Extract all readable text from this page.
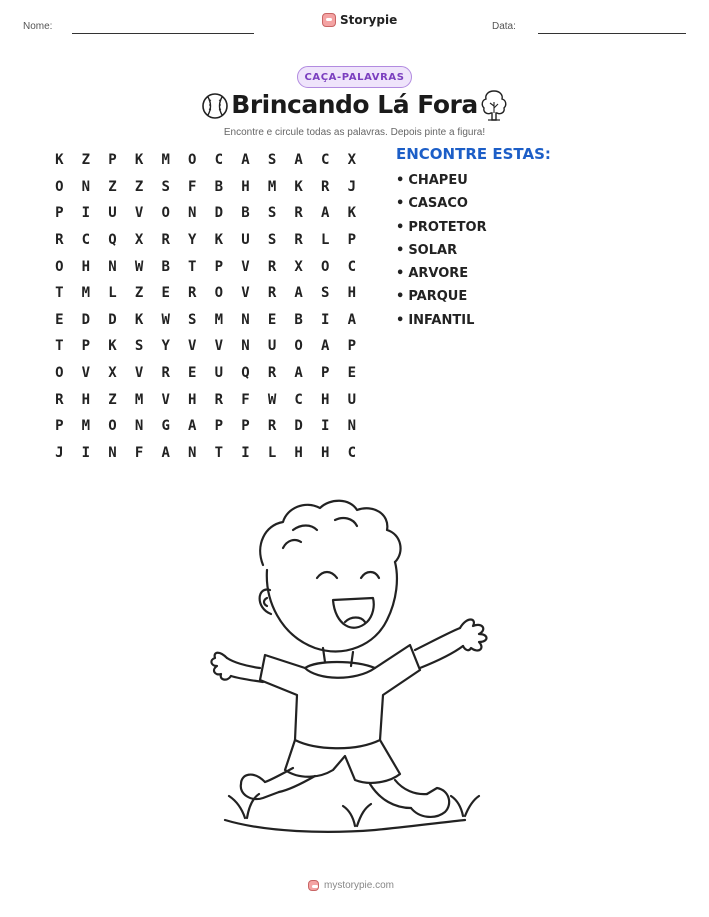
Nome:	Storypie	Data:
CAÇA-PALAVRAS
Brincando Lá Fora
Encontre e circule todas as palavras. Depois pinte a figura!
K	Z	P	K	M	O	C	A	S	A	C	X
O	N	Z	Z	S	F	B	H	M	K	R	J
P	I	U	V	O	N	D	B	S	R	A	K
R	C	Q	X	R	Y	K	U	S	R	L	P
O	H	N	W	B	T	P	V	R	X	O	C
T	M	L	Z	E	R	O	V	R	A	S	H
E	D	D	K	W	S	M	N	E	B	I	A
T	P	K	S	Y	V	V	N	U	O	A	P
O	V	X	V	R	E	U	Q	R	A	P	E
R	H	Z	M	V	H	R	F	W	C	H	U
P	M	O	N	G	A	P	P	R	D	I	N
J	I	N	F	A	N	T	I	L	H	H	C
ENCONTRE ESTAS:
• CHAPEU
• CASACO
• PROTETOR
• SOLAR
• ARVORE
• PARQUE
• INFANTIL
mystorypie.com
